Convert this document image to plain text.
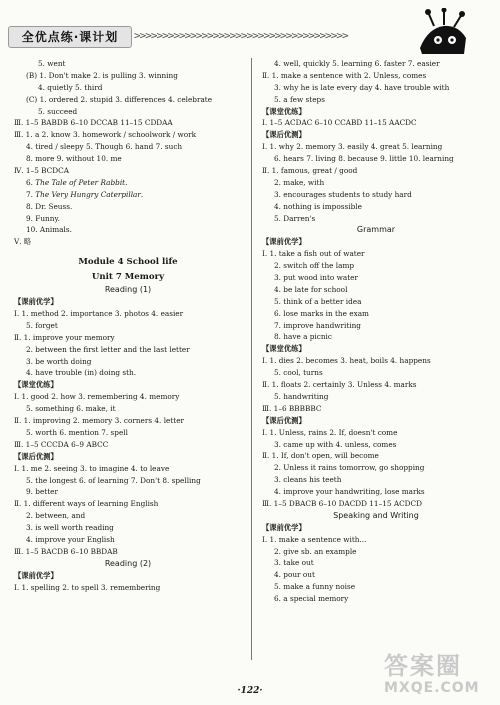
全优点练·课计划	>>>>>>>>>>>>>>>>>>>>>>>>>>>>>>>>>>>>>>
5. went
(B) 1. Don't make 2. is pulling 3. winning
4. quietly 5. third
(C) 1. ordered 2. stupid 3. differences 4. celebrate
5. succeed
Ⅲ. 1–5 BABDB 6–10 DCCAB 11–15 CDDAA
Ⅲ. 1. a 2. know 3. homework / schoolwork / work
4. tired / sleepy 5. Though 6. hand 7. such
8. more 9. without 10. me
Ⅳ. 1–5 BCDCA
6. The Tale of Peter Rabbit.
7. The Very Hungry Caterpillar.
8. Dr. Seuss.
9. Funny.
10. Animals.
Ⅴ. 略
Module 4 School life
Unit 7 Memory
Reading (1)
【课前优学】
Ⅰ. 1. method 2. importance 3. photos 4. easier
5. forget
Ⅱ. 1. improve your memory
2. between the first letter and the last letter
3. be worth doing
4. have trouble (in) doing sth.
【课堂优练】
Ⅰ. 1. good 2. how 3. remembering 4. memory
5. something 6. make, it
Ⅱ. 1. improving 2. memory 3. corners 4. letter
5. worth 6. mention 7. spell
Ⅲ. 1–5 CCCDA 6–9 ABCC
【课后优测】
Ⅰ. 1. me 2. seeing 3. to imagine 4. to leave
5. the longest 6. of learning 7. Don't 8. spelling
9. better
Ⅱ. 1. different ways of learning English
2. between, and
3. is well worth reading
4. improve your English
Ⅲ. 1–5 BACDB 6–10 BBDAB
Reading (2)
【课前优学】
Ⅰ. 1. spelling 2. to spell 3. remembering
4. well, quickly 5. learning 6. faster 7. easier
Ⅱ. 1. make a sentence with 2. Unless, comes
3. why he is late every day 4. have trouble with
5. a few steps
【课堂优练】
Ⅰ. 1–5 ACDAC 6–10 CCABD 11–15 AACDC
【课后优测】
Ⅰ. 1. why 2. memory 3. easily 4. great 5. learning
6. hears 7. living 8. because 9. little 10. learning
Ⅱ. 1. famous, great / good
2. make, with
3. encourages students to study hard
4. nothing is impossible
5. Darren's
Grammar
【课前优学】
Ⅰ. 1. take a fish out of water
2. switch off the lamp
3. put wood into water
4. be late for school
5. think of a better idea
6. lose marks in the exam
7. improve handwriting
8. have a picnic
【课堂优练】
Ⅰ. 1. dies 2. becomes 3. heat, boils 4. happens
5. cool, turns
Ⅱ. 1. floats 2. certainly 3. Unless 4. marks
5. handwriting
Ⅲ. 1–6 BBBBBC
【课后优测】
Ⅰ. 1. Unless, rains 2. If, doesn't come
3. came up with 4. unless, comes
Ⅱ. 1. If, don't open, will become
2. Unless it rains tomorrow, go shopping
3. cleans his teeth
4. improve your handwriting, lose marks
Ⅲ. 1–5 DBACB 6–10 DACDD 11–15 ACDCD
Speaking and Writing
【课前优学】
Ⅰ. 1. make a sentence with...
2. give sb. an example
3. take out
4. pour out
5. make a funny noise
6. a special memory
·122·
答案圈
MXQE.COM
